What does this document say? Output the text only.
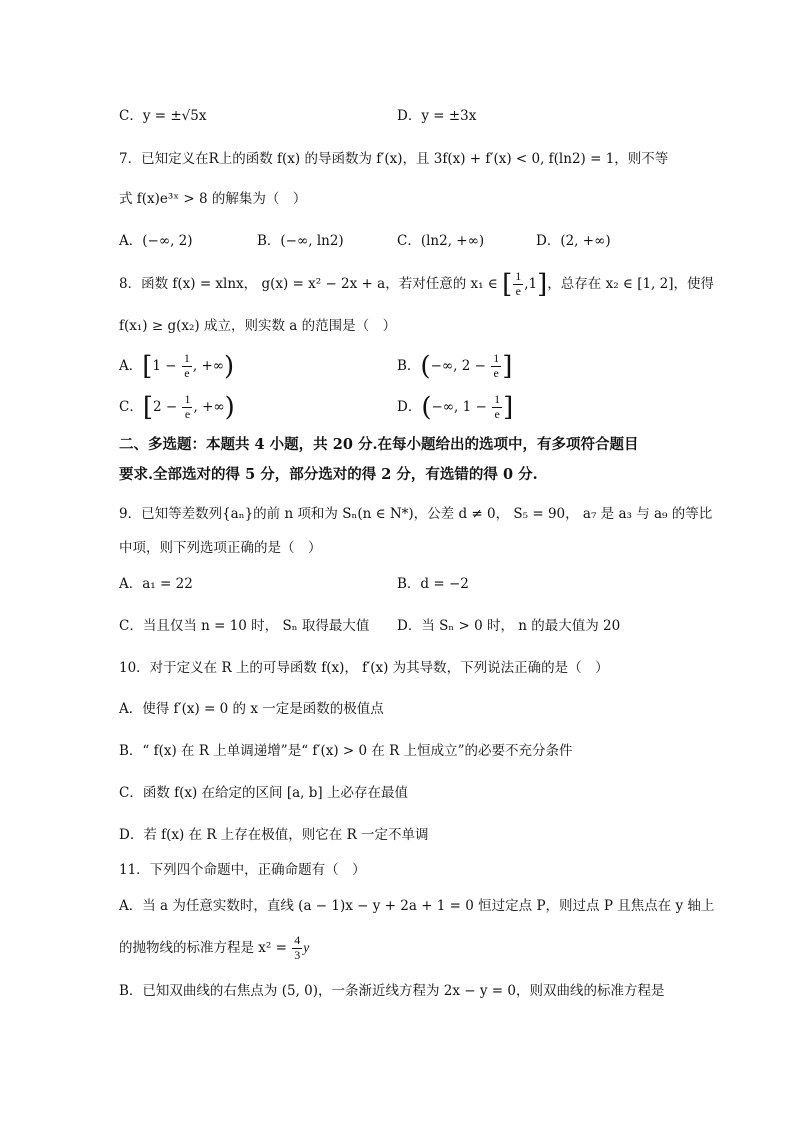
C．y = ±√5x	D．y = ±3x
7．已知定义在R上的函数 f(x) 的导函数为 f′(x)，且 3f(x) + f′(x) < 0, f(ln2) = 1，则不等
式 f(x)e³ˣ > 8 的解集为（　）
A．(−∞, 2)	B．(−∞, ln2)	C．(ln2, +∞)	D．(2, +∞)
8．函数 f(x) = xlnx， g(x) = x² − 2x + a，若对任意的 x₁ ∈ [ $\frac{1}{e} ,1$]，总存在 x₂ ∈ [1, 2]，使得
f(x₁) ≥ g(x₂) 成立，则实数 a 的范围是（　）
A．[$1 - \frac{1}{e}$ , +∞)	B．(−∞, $2 - \frac{1}{e}$ ]
C．[$2 - \frac{1}{e}$ , +∞)	D．(−∞, $1 - \frac{1}{e}$ ]
二、多选题：本题共 4 小题，共 20 分.在每小题给出的选项中，有多项符合题目
要求.全部选对的得 5 分，部分选对的得 2 分，有选错的得 0 分.
9．已知等差数列{aₙ}的前 n 项和为 Sₙ(n ∈ N*)，公差 d ≠ 0， S₅ = 90， a₇ 是 a₃ 与 a₉ 的等比
中项，则下列选项正确的是（　）
A．a₁ = 22	B．d = −2
C．当且仅当 n = 10 时， Sₙ 取得最大值 D．当 Sₙ > 0 时， n 的最大值为 20
10．对于定义在 R 上的可导函数 f(x)， f′(x) 为其导数，下列说法正确的是（　）
A．使得 f′(x) = 0 的 x 一定是函数的极值点
B．“ f(x) 在 R 上单调递增”是“ f′(x) > 0 在 R 上恒成立”的必要不充分条件
C．函数 f(x) 在给定的区间 [a, b] 上必存在最值
D．若 f(x) 在 R 上存在极值，则它在 R 一定不单调
11．下列四个命题中，正确命题有（　）
A．当 a 为任意实数时，直线 (a − 1)x − y + 2a + 1 = 0 恒过定点 P，则过点 P 且焦点在 y 轴上
的抛物线的标准方程是 $x^2 = \frac{4}{3}$ y
B．已知双曲线的右焦点为 (5, 0)，一条渐近线方程为 2x − y = 0，则双曲线的标准方程是
